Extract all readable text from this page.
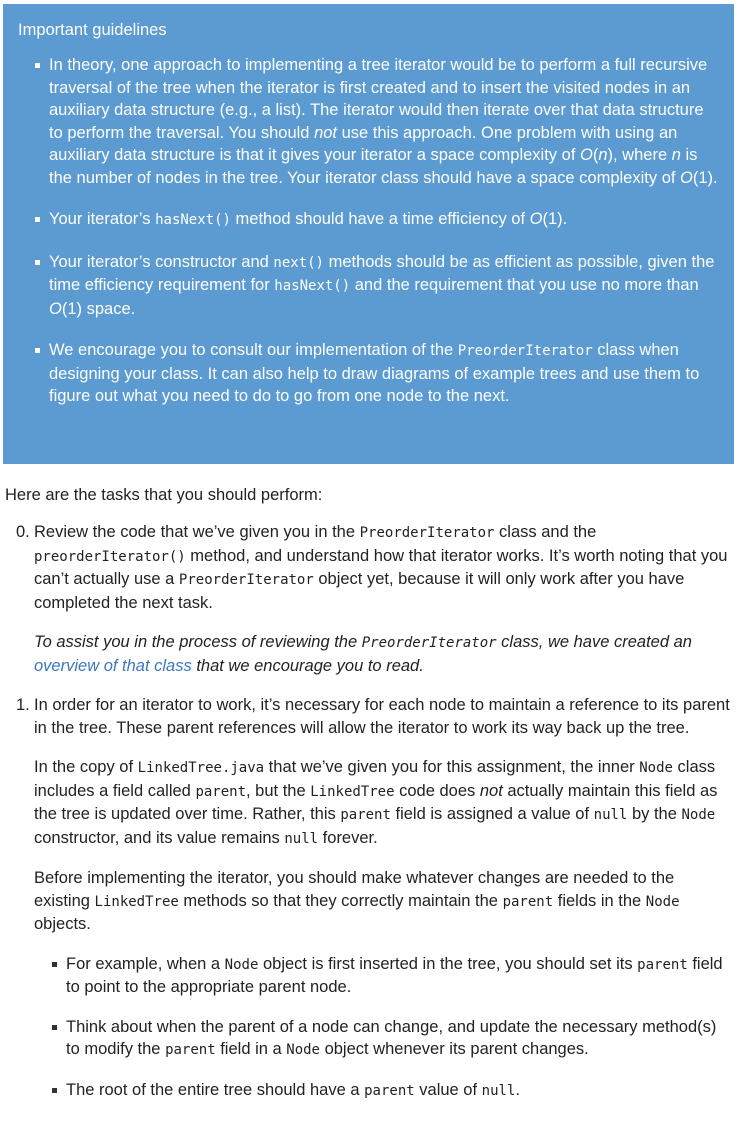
Important guidelines
In theory, one approach to implementing a tree iterator would be to perform a full recursive traversal of the tree when the iterator is first created and to insert the visited nodes in an auxiliary data structure (e.g., a list). The iterator would then iterate over that data structure to perform the traversal. You should not use this approach. One problem with using an auxiliary data structure is that it gives your iterator a space complexity of O(n), where n is the number of nodes in the tree. Your iterator class should have a space complexity of O(1).
Your iterator’s hasNext() method should have a time efficiency of O(1).
Your iterator’s constructor and next() methods should be as efficient as possible, given the time efficiency requirement for hasNext() and the requirement that you use no more than O(1) space.
We encourage you to consult our implementation of the PreorderIterator class when designing your class. It can also help to draw diagrams of example trees and use them to figure out what you need to do to go from one node to the next.
Here are the tasks that you should perform:
0. Review the code that we’ve given you in the PreorderIterator class and the preorderIterator() method, and understand how that iterator works. It’s worth noting that you can’t actually use a PreorderIterator object yet, because it will only work after you have completed the next task.

To assist you in the process of reviewing the PreorderIterator class, we have created an overview of that class that we encourage you to read.

1. In order for an iterator to work, it’s necessary for each node to maintain a reference to its parent in the tree. These parent references will allow the iterator to work its way back up the tree.

In the copy of LinkedTree.java that we’ve given you for this assignment, the inner Node class includes a field called parent, but the LinkedTree code does not actually maintain this field as the tree is updated over time. Rather, this parent field is assigned a value of null by the Node constructor, and its value remains null forever.

Before implementing the iterator, you should make whatever changes are needed to the existing LinkedTree methods so that they correctly maintain the parent fields in the Node objects.

For example, when a Node object is first inserted in the tree, you should set its parent field to point to the appropriate parent node.
Think about when the parent of a node can change, and update the necessary method(s) to modify the parent field in a Node object whenever its parent changes.
The root of the entire tree should have a parent value of null.
